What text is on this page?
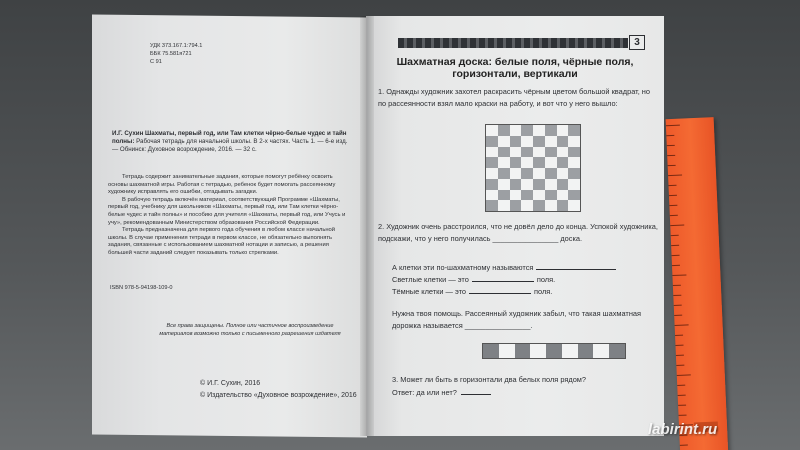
УДК 373.167.1:794.1
ББК 75.581я721
С 91
И.Г. Сухин Шахматы, первый год, или Там клетки чёрно-белые чудес и тайн полны: Рабочая тетрадь для начальной школы. В 2-х частях. Часть 1. — 6-е изд. — Обнинск: Духовное возрождение, 2016. — 32 с.

Тетрадь содержит занимательные задания, которые помогут ребёнку освоить основы шахматной игры. Работая с тетрадью, ребенок будет помогать рассеянному художнику исправлять его ошибки, отгадывать загадки.

В рабочую тетрадь включён материал, соответствующий Программе «Шахматы, первый год, учебнику для школьников «Шахматы, первый год, или Там клетки чёрно-белые чудес и тайн полны» и пособию для учителя «Шахматы, первый год, или Учусь и учу», рекомендованным Министерством образования Российской Федерации.

Тетрадь предназначена для первого года обучения в любом классе начальной школы. В случае применения тетради в первом классе, не обязательно выполнять задания, связанные с использованием шахматной нотации и записью, а решения большей части заданий следует показывать только стрелками.

ISBN 978-5-94198-109-0
Все права защищены. Полное или частичное воспроизведение материалов возможно только с письменного разрешения издателя
© И.Г. Сухин, 2016
© Издательство «Духовное возрождение», 2016
3
Шахматная доска: белые поля, чёрные поля, горизонтали, вертикали
1. Однажды художник захотел раскрасить чёрным цветом большой квадрат, но по рассеянности взял мало краски на работу, и вот что у него вышло:
2. Художник очень расстроился, что не довёл дело до конца. Успокой художника, подскажи, что у него получилась ________________ доска.
А клетки эти по-шахматному называются
Светлые клетки — это	поля.
Тёмные клетки — это	поля.
Нужна твоя помощь. Рассеянный художник забыл, что такая шахматная дорожка называется ________________.
3. Может ли быть в горизонтали два белых поля рядом?
Ответ: да или нет?
labirint.ru
